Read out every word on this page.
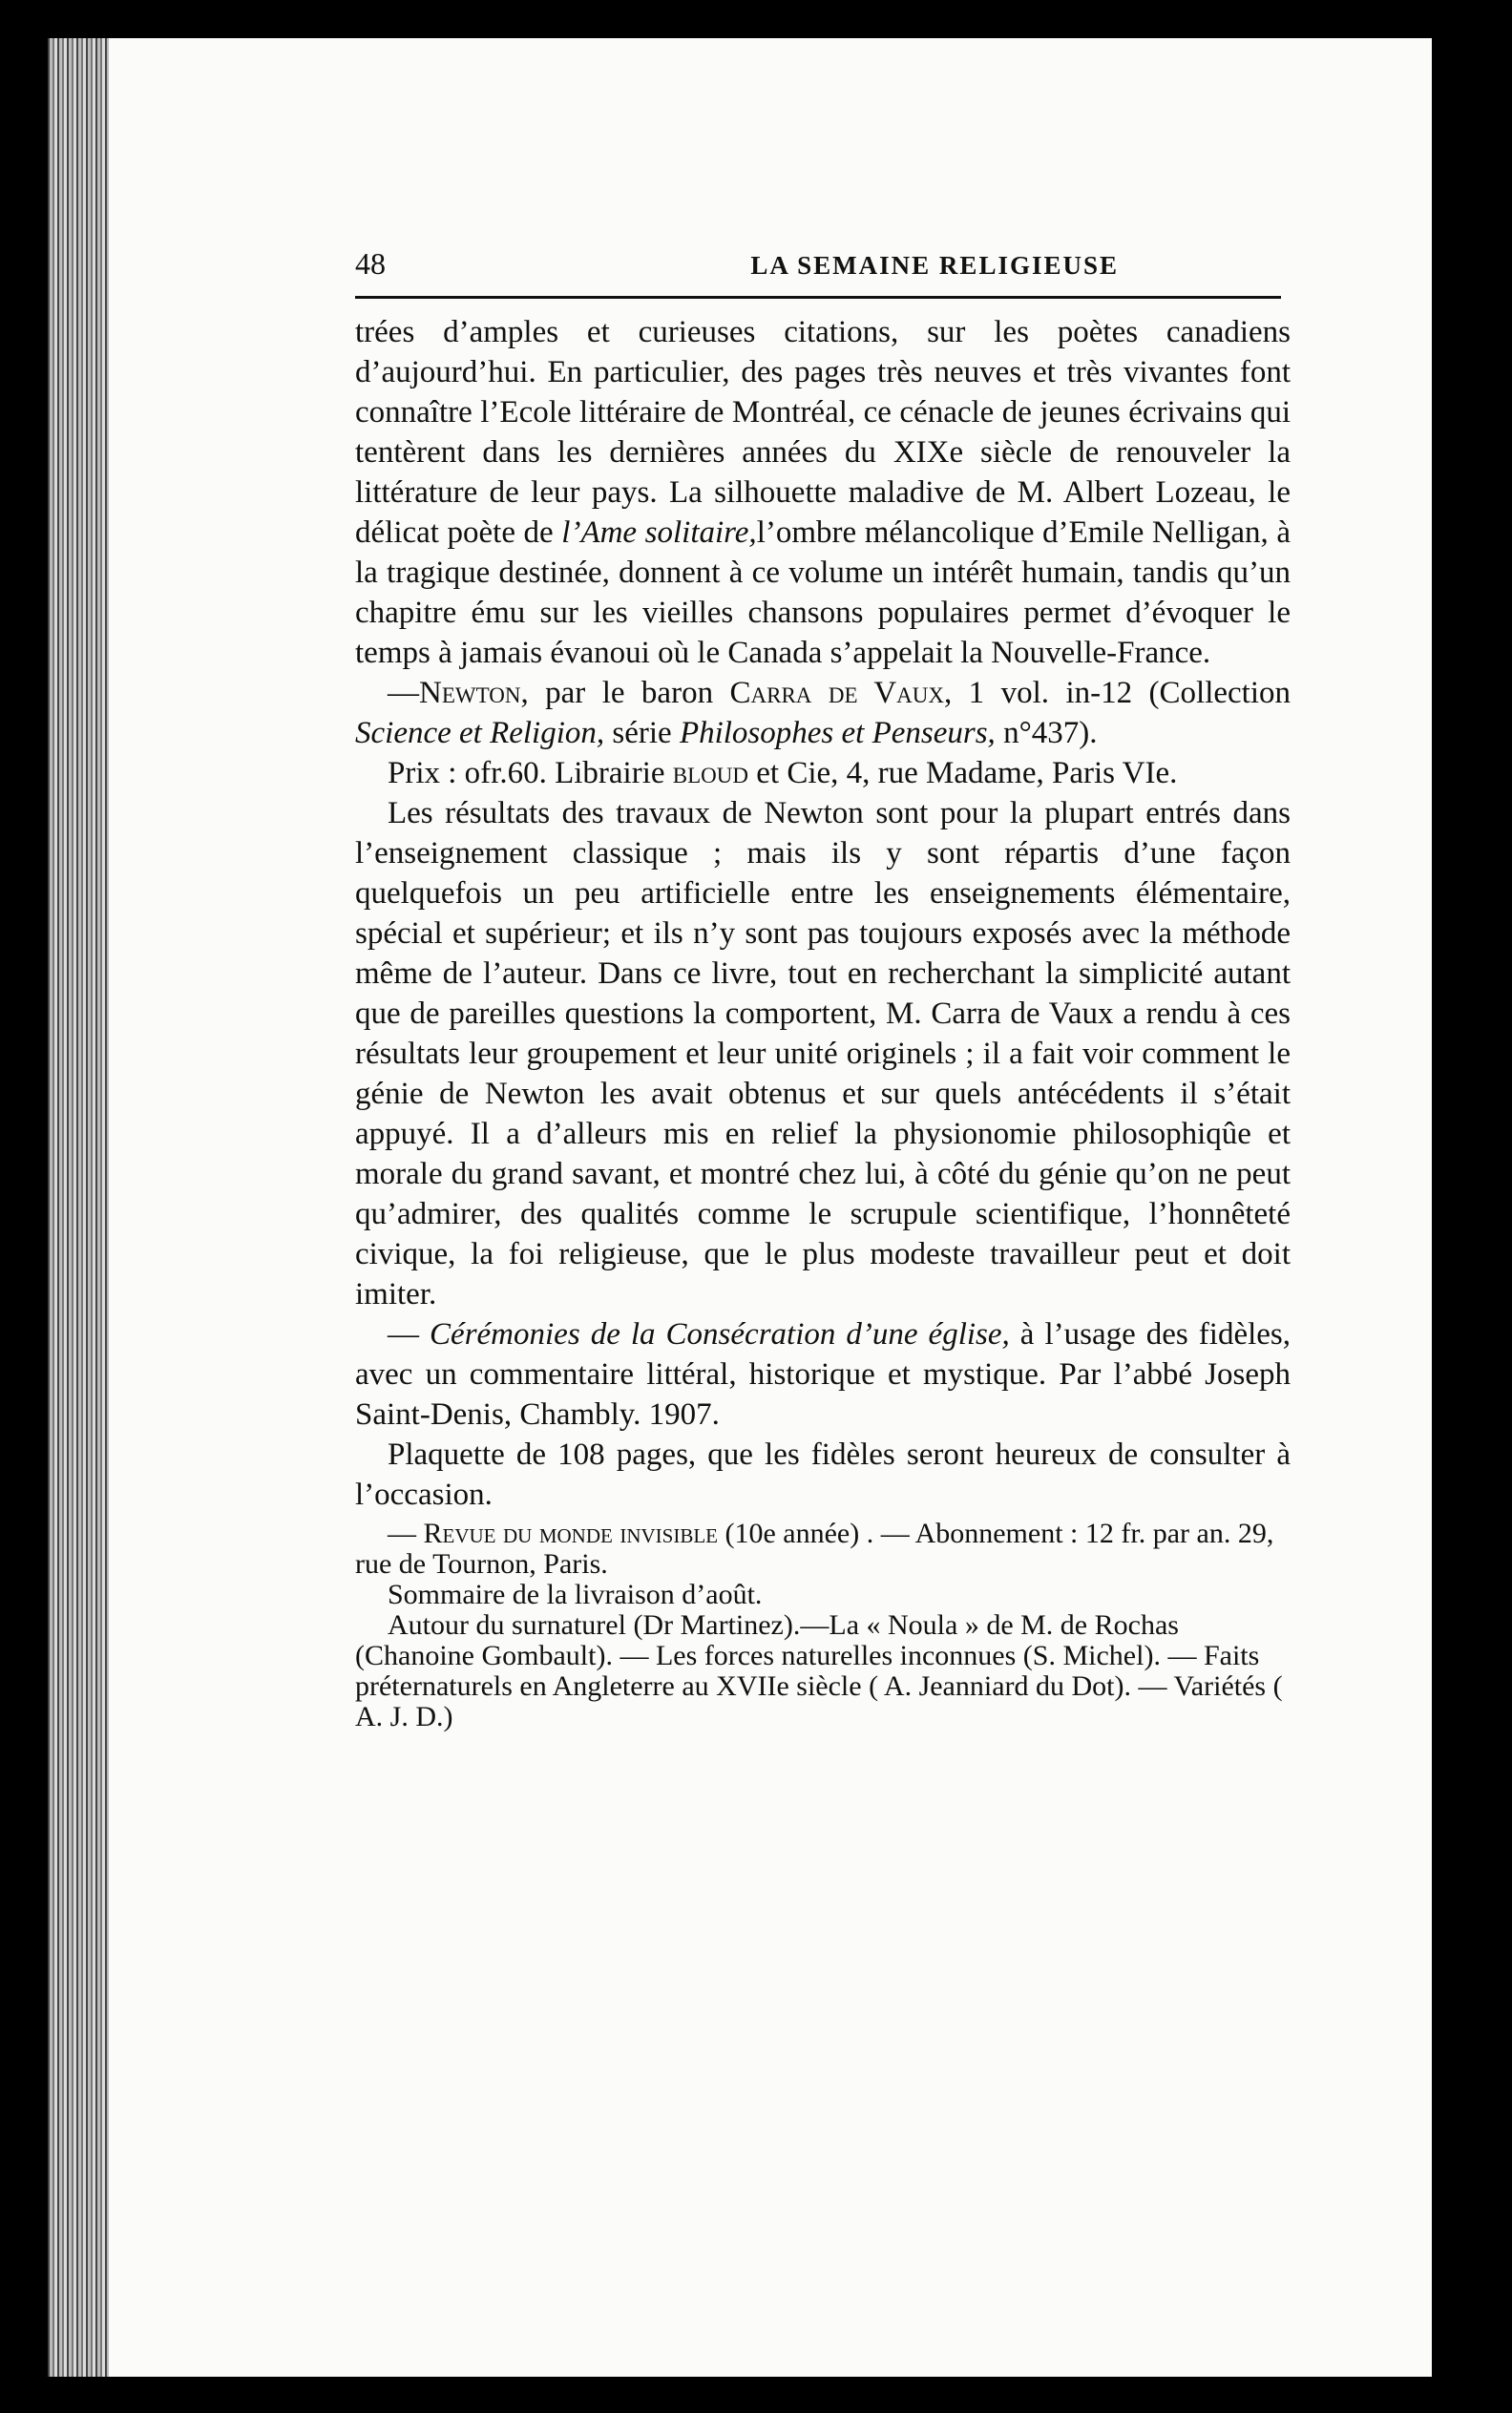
48	LA SEMAINE RELIGIEUSE

trées d’amples et curieuses citations, sur les poètes canadiens d’aujourd’hui. En particulier, des pages très neuves et très vivantes font connaître l’Ecole littéraire de Montréal, ce cénacle de jeunes écrivains qui tentèrent dans les dernières années du XIXe siècle de renouveler la littérature de leur pays. La silhouette maladive de M. Albert Lozeau, le délicat poète de l’Ame solitaire,l’ombre mélancolique d’Emile Nelligan, à la tragique destinée, donnent à ce volume un intérêt humain, tandis qu’un chapitre ému sur les vieilles chansons populaires permet d’évoquer le temps à jamais évanoui où le Canada s’appelait la Nouvelle-France.

—Newton, par le baron Carra de Vaux, 1 vol. in-12 (Collection Science et Religion, série Philosophes et Penseurs, n°437).

Prix : ofr.60. Librairie bloud et Cie, 4, rue Madame, Paris VIe.

Les résultats des travaux de Newton sont pour la plupart entrés dans l’enseignement classique ; mais ils y sont répartis d’une façon quelquefois un peu artificielle entre les enseignements élémentaire, spécial et supérieur; et ils n’y sont pas toujours exposés avec la méthode même de l’auteur. Dans ce livre, tout en recherchant la simplicité autant que de pareilles questions la comportent, M. Carra de Vaux a rendu à ces résultats leur groupement et leur unité originels ; il a fait voir comment le génie de Newton les avait obtenus et sur quels antécédents il s’était appuyé. Il a d’alleurs mis en relief la physionomie philosophiqûe et morale du grand savant, et montré chez lui, à côté du génie qu’on ne peut qu’admirer, des qualités comme le scrupule scientifique, l’honnêteté civique, la foi religieuse, que le plus modeste travailleur peut et doit imiter.

— Cérémonies de la Consécration d’une église, à l’usage des fidèles, avec un commentaire littéral, historique et mystique. Par l’abbé Joseph Saint-Denis, Chambly. 1907.

Plaquette de 108 pages, que les fidèles seront heureux de consulter à l’occasion.

— Revue du monde invisible (10e année) . — Abonnement : 12 fr. par an. 29, rue de Tournon, Paris.

Sommaire de la livraison d’août.

Autour du surnaturel (Dr Martinez).—La « Noula » de M. de Rochas (Chanoine Gombault). — Les forces naturelles inconnues (S. Michel). — Faits préternaturels en Angleterre au XVIIe siècle ( A. Jeanniard du Dot). — Variétés ( A. J. D.)
